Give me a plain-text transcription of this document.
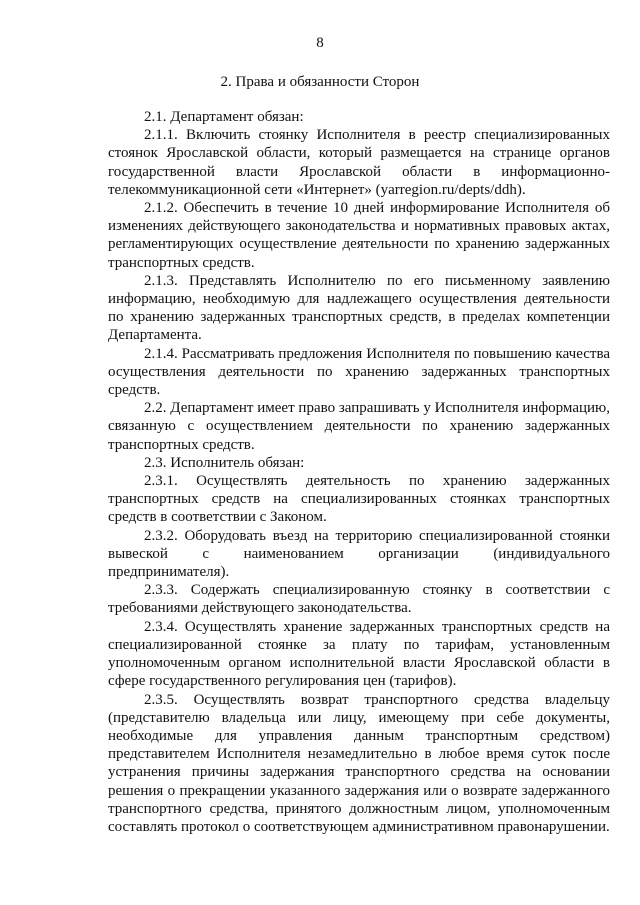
8
2. Права и обязанности Сторон

2.1. Департамент обязан:

2.1.1. Включить стоянку Исполнителя в реестр специализированных стоянок Ярославской области, который размещается на странице органов государственной власти Ярославской области в информационно-телекоммуникационной сети «Интернет» (yarregion.ru/depts/ddh).

2.1.2. Обеспечить в течение 10 дней информирование Исполнителя об изменениях действующего законодательства и нормативных правовых актах, регламентирующих осуществление деятельности по хранению задержанных транспортных средств.

2.1.3. Представлять Исполнителю по его письменному заявлению информацию, необходимую для надлежащего осуществления деятельности по хранению задержанных транспортных средств, в пределах компетенции Департамента.

2.1.4. Рассматривать предложения Исполнителя по повышению качества осуществления деятельности по хранению задержанных транспортных средств.

2.2. Департамент имеет право запрашивать у Исполнителя информацию, связанную с осуществлением деятельности по хранению задержанных транспортных средств.

2.3. Исполнитель обязан:

2.3.1. Осуществлять деятельность по хранению задержанных транспортных средств на специализированных стоянках транспортных средств в соответствии с Законом.

2.3.2. Оборудовать въезд на территорию специализированной стоянки вывеской с наименованием организации (индивидуального предпринимателя).

2.3.3. Содержать специализированную стоянку в соответствии с требованиями действующего законодательства.

2.3.4. Осуществлять хранение задержанных транспортных средств на специализированной стоянке за плату по тарифам, установленным уполномоченным органом исполнительной власти Ярославской области в сфере государственного регулирования цен (тарифов).

2.3.5. Осуществлять возврат транспортного средства владельцу (представителю владельца или лицу, имеющему при себе документы, необходимые для управления данным транспортным средством) представителем Исполнителя незамедлительно в любое время суток после устранения причины задержания транспортного средства на основании решения о прекращении указанного задержания или о возврате задержанного транспортного средства, принятого должностным лицом, уполномоченным составлять протокол о соответствующем административном правонарушении.
